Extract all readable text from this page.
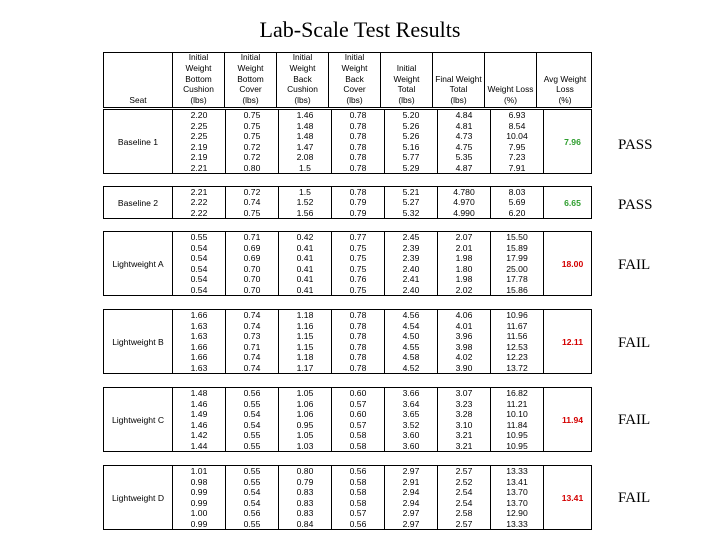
Lab-Scale Test Results
Seat
Initial
Weight
Bottom
Cushion
(lbs)
Initial
Weight
Bottom
Cover
(lbs)
Initial
Weight
Back
Cushion
(lbs)
Initial
Weight
Back
Cover
(lbs)
Initial
Weight
Total
(lbs)
Final Weight
Total
(lbs)
Weight Loss
(%)
Avg Weight
Loss
(%)
Baseline 1
2.20
2.25
2.25
2.19
2.19
2.21
0.75
0.75
0.75
0.72
0.72
0.80
1.46
1.48
1.48
1.47
2.08
1.5
0.78
0.78
0.78
0.78
0.78
0.78
5.20
5.26
5.26
5.16
5.77
5.29
4.84
4.81
4.73
4.75
5.35
4.87
6.93
8.54
10.04
7.95
7.23
7.91
7.96
Baseline 2
2.21
2.22
2.22
0.72
0.74
0.75
1.5
1.52
1.56
0.78
0.79
0.79
5.21
5.27
5.32
4.780
4.970
4.990
8.03
5.69
6.20
6.65
Lightweight A
0.55
0.54
0.54
0.54
0.54
0.54
0.71
0.69
0.69
0.70
0.70
0.70
0.42
0.41
0.41
0.41
0.41
0.41
0.77
0.75
0.75
0.75
0.76
0.75
2.45
2.39
2.39
2.40
2.41
2.40
2.07
2.01
1.98
1.80
1.98
2.02
15.50
15.89
17.99
25.00
17.78
15.86
18.00
Lightweight B
1.66
1.63
1.63
1.66
1.66
1.63
0.74
0.74
0.73
0.71
0.74
0.74
1.18
1.16
1.15
1.15
1.18
1.17
0.78
0.78
0.78
0.78
0.78
0.78
4.56
4.54
4.50
4.55
4.58
4.52
4.06
4.01
3.96
3.98
4.02
3.90
10.96
11.67
11.56
12.53
12.23
13.72
12.11
Lightweight C
1.48
1.46
1.49
1.46
1.42
1.44
0.56
0.55
0.54
0.54
0.55
0.55
1.05
1.06
1.06
0.95
1.05
1.03
0.60
0.57
0.60
0.57
0.58
0.58
3.66
3.64
3.65
3.52
3.60
3.60
3.07
3.23
3.28
3.10
3.21
3.21
16.82
11.21
10.10
11.84
10.95
10.95
11.94
Lightweight D
1.01
0.98
0.99
0.99
1.00
0.99
0.55
0.55
0.54
0.54
0.56
0.55
0.80
0.79
0.83
0.83
0.83
0.84
0.56
0.58
0.58
0.58
0.57
0.56
2.97
2.91
2.94
2.94
2.97
2.97
2.57
2.52
2.54
2.54
2.58
2.57
13.33
13.41
13.70
13.70
12.90
13.33
13.41
PASS
PASS
FAIL
FAIL
FAIL
FAIL
